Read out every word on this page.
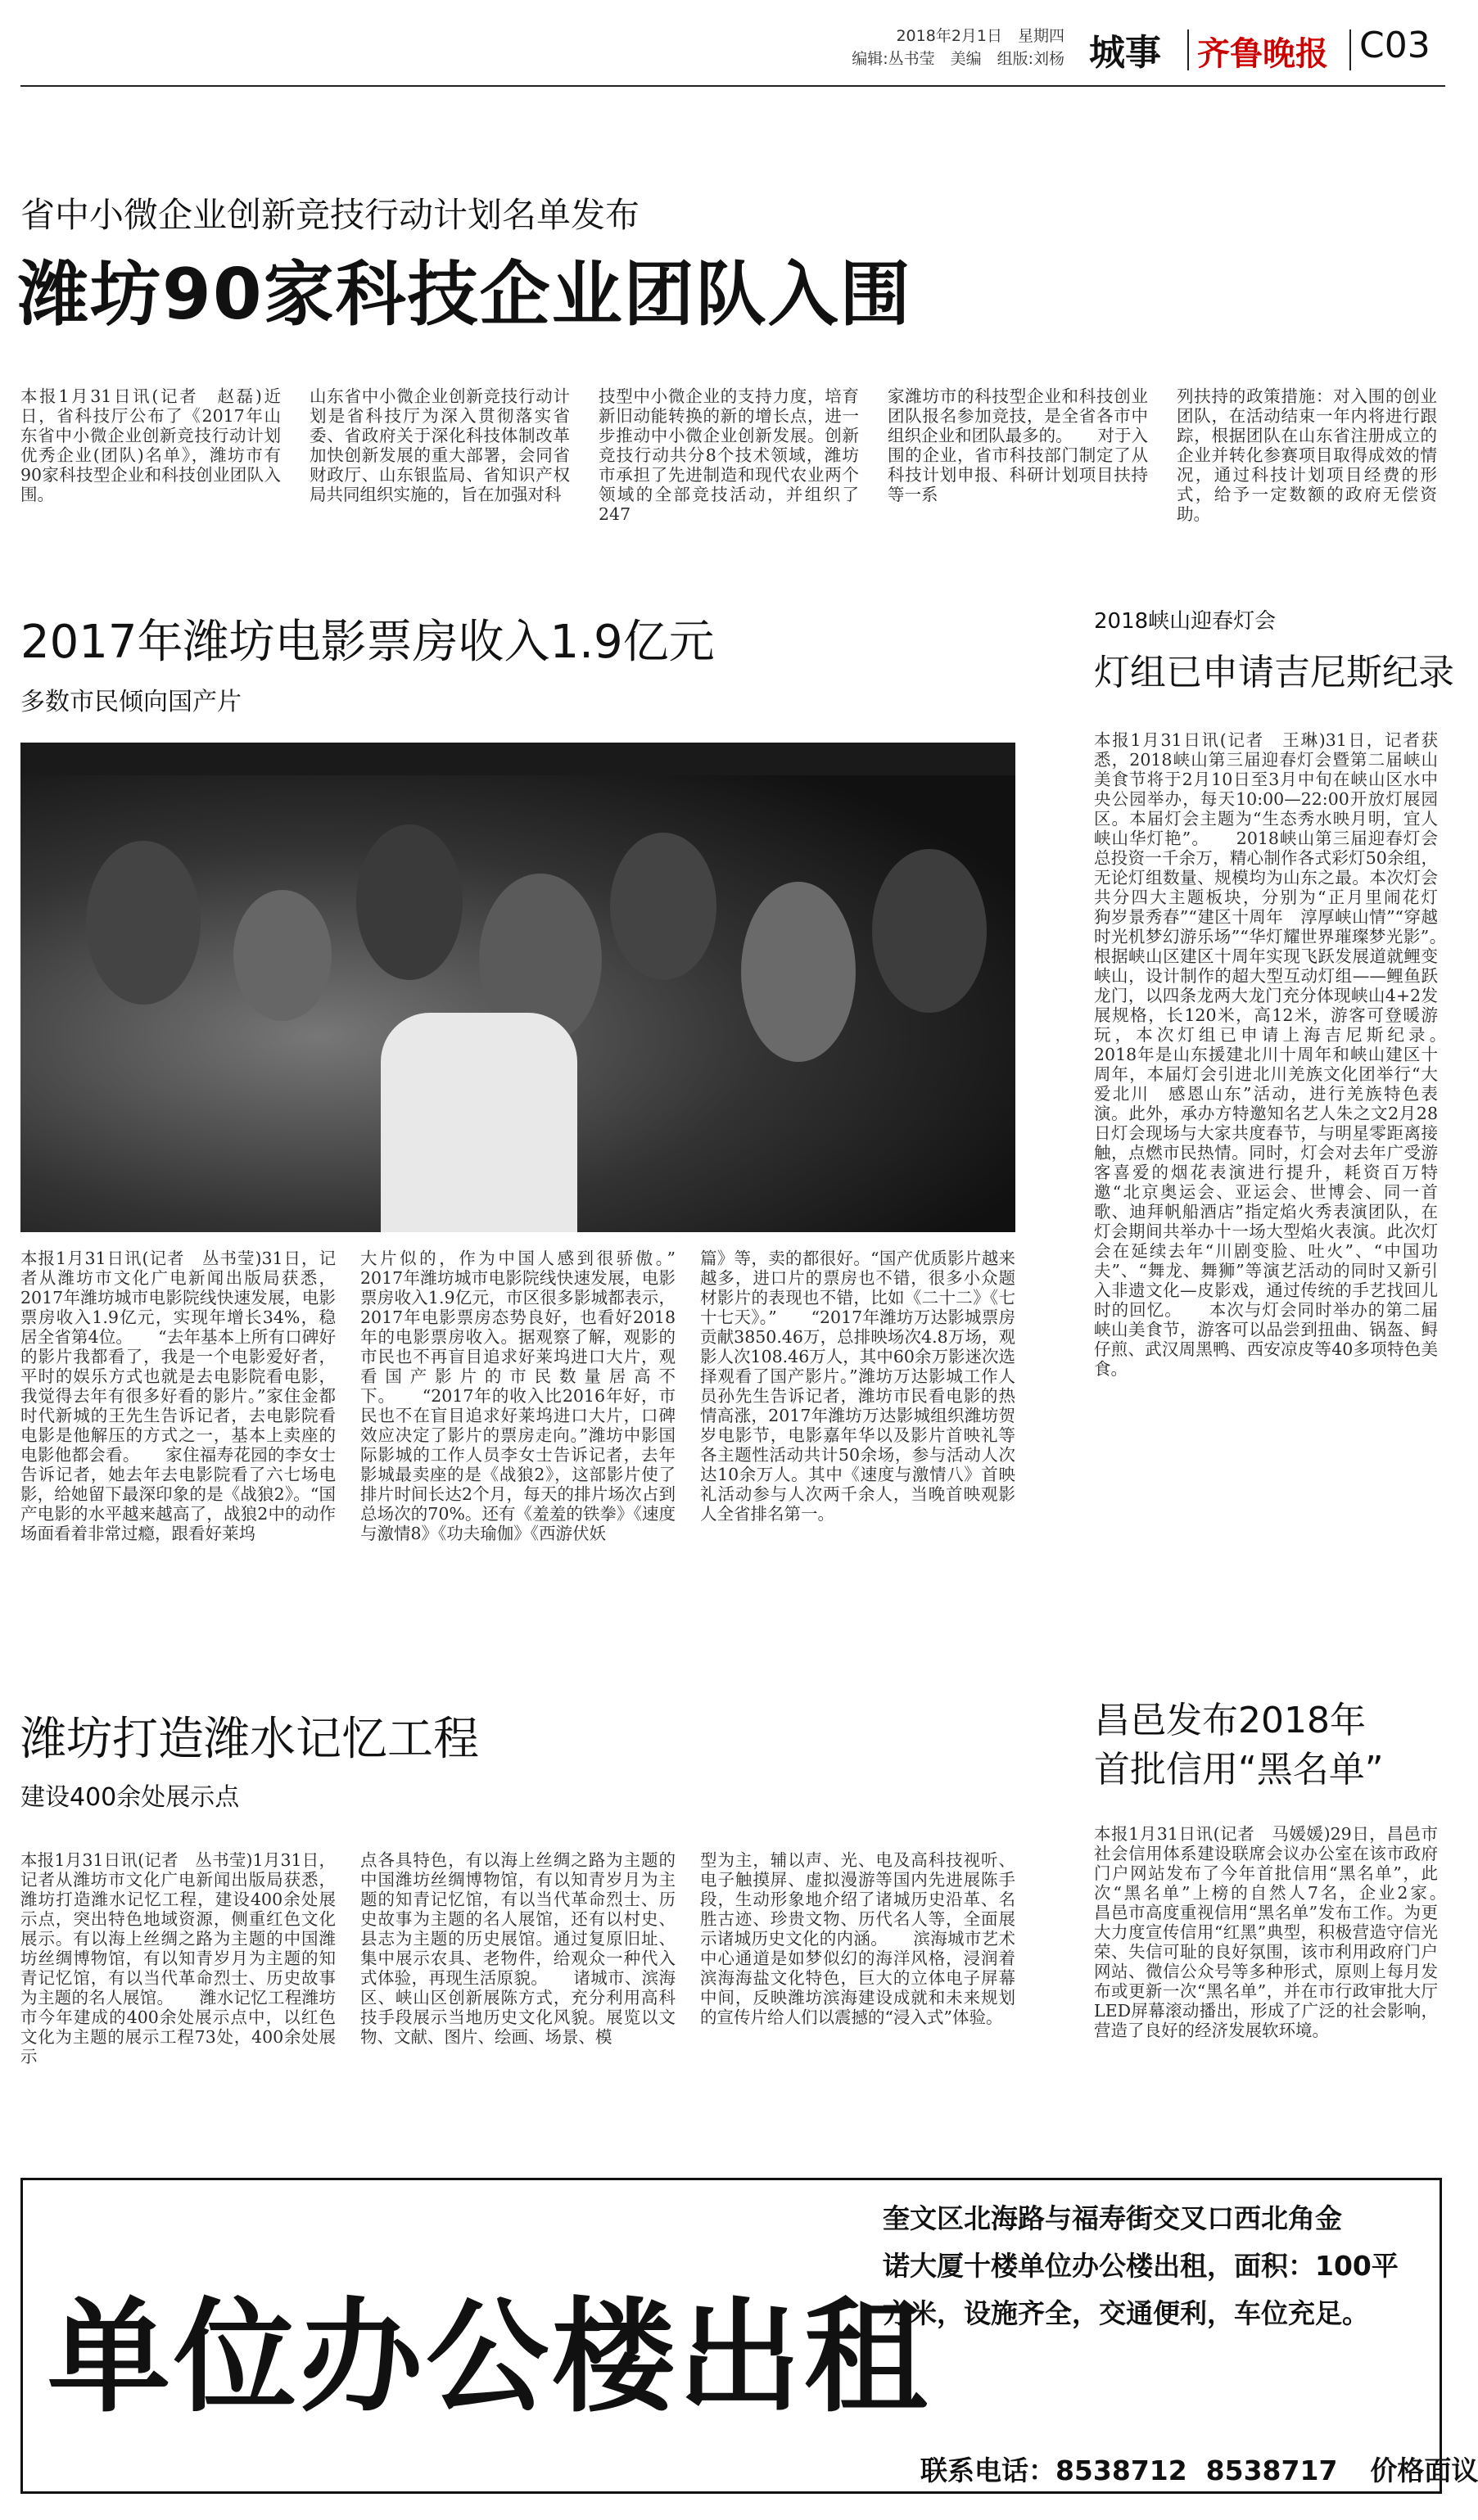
2018年2月1日　星期四
编辑:丛书莹　美编　组版:刘杨 城事 齐鲁晚报 C03
省中小微企业创新竞技行动计划名单发布
潍坊90家科技企业团队入围
本报1月31日讯(记者　赵磊)近日，省科技厅公布了《2017年山东省中小微企业创新竞技行动计划优秀企业(团队)名单》，潍坊市有90家科技型企业和科技创业团队入围。
山东省中小微企业创新竞技行动计划是省科技厅为深入贯彻落实省委、省政府关于深化科技体制改革加快创新发展的重大部署，会同省财政厅、山东银监局、省知识产权局共同组织实施的，旨在加强对科
技型中小微企业的支持力度，培育新旧动能转换的新的增长点，进一步推动中小微企业创新发展。创新竞技行动共分8个技术领域，潍坊市承担了先进制造和现代农业两个领域的全部竞技活动，并组织了247
家潍坊市的科技型企业和科技创业团队报名参加竞技，是全省各市中组织企业和团队最多的。　　对于入围的企业，省市科技部门制定了从科技计划申报、科研计划项目扶持等一系
列扶持的政策措施：对入围的创业团队，在活动结束一年内将进行跟踪，根据团队在山东省注册成立的企业并转化参赛项目取得成效的情况，通过科技计划项目经费的形式，给予一定数额的政府无偿资助。
2017年潍坊电影票房收入1.9亿元
多数市民倾向国产片
本报1月31日讯(记者　丛书莹)31日，记者从潍坊市文化广电新闻出版局获悉，2017年潍坊城市电影院线快速发展，电影票房收入1.9亿元，实现年增长34%，稳居全省第4位。　　“去年基本上所有口碑好的影片我都看了，我是一个电影爱好者，平时的娱乐方式也就是去电影院看电影，我觉得去年有很多好看的影片。”家住金都时代新城的王先生告诉记者，去电影院看电影是他解压的方式之一，基本上卖座的电影他都会看。　　家住福寿花园的李女士告诉记者，她去年去电影院看了六七场电影，给她留下最深印象的是《战狼2》。“国产电影的水平越来越高了，战狼2中的动作场面看着非常过瘾，跟看好莱坞
大片似的，作为中国人感到很骄傲。”　　2017年潍坊城市电影院线快速发展，电影票房收入1.9亿元，市区很多影城都表示，2017年电影票房态势良好，也看好2018年的电影票房收入。据观察了解，观影的市民也不再盲目追求好莱坞进口大片，观看国产影片的市民数量居高不下。　　“2017年的收入比2016年好，市民也不在盲目追求好莱坞进口大片，口碑效应决定了影片的票房走向。”潍坊中影国际影城的工作人员李女士告诉记者，去年影城最卖座的是《战狼2》，这部影片使了排片时间长达2个月，每天的排片场次占到总场次的70%。还有《羞羞的铁拳》《速度与激情8》《功夫瑜伽》《西游伏妖
篇》等，卖的都很好。“国产优质影片越来越多，进口片的票房也不错，很多小众题材影片的表现也不错，比如《二十二》《七十七天》。”　　“2017年潍坊万达影城票房贡献3850.46万，总排映场次4.8万场，观影人次108.46万人，其中60余万影迷次选择观看了国产影片。”潍坊万达影城工作人员孙先生告诉记者，潍坊市民看电影的热情高涨，2017年潍坊万达影城组织潍坊贺岁电影节，电影嘉年华以及影片首映礼等各主题性活动共计50余场，参与活动人次达10余万人。其中《速度与激情八》首映礼活动参与人次两千余人，当晚首映观影人全省排名第一。
潍坊打造潍水记忆工程
建设400余处展示点
本报1月31日讯(记者　丛书莹)1月31日，记者从潍坊市文化广电新闻出版局获悉，潍坊打造潍水记忆工程，建设400余处展示点，突出特色地域资源，侧重红色文化展示。有以海上丝绸之路为主题的中国潍坊丝绸博物馆，有以知青岁月为主题的知青记忆馆，有以当代革命烈士、历史故事为主题的名人展馆。　　潍水记忆工程潍坊市今年建成的400余处展示点中，以红色文化为主题的展示工程73处，400余处展示
点各具特色，有以海上丝绸之路为主题的中国潍坊丝绸博物馆，有以知青岁月为主题的知青记忆馆，有以当代革命烈士、历史故事为主题的名人展馆，还有以村史、县志为主题的历史展馆。通过复原旧址、集中展示农具、老物件，给观众一种代入式体验，再现生活原貌。　　诸城市、滨海区、峡山区创新展陈方式，充分利用高科技手段展示当地历史文化风貌。展览以文物、文献、图片、绘画、场景、模
型为主，辅以声、光、电及高科技视听、电子触摸屏、虚拟漫游等国内先进展陈手段，生动形象地介绍了诸城历史沿革、名胜古迹、珍贵文物、历代名人等，全面展示诸城历史文化的内涵。　　滨海城市艺术中心通道是如梦似幻的海洋风格，浸润着滨海海盐文化特色，巨大的立体电子屏幕中间，反映潍坊滨海建设成就和未来规划的宣传片给人们以震撼的“浸入式”体验。
2018峡山迎春灯会
灯组已申请吉尼斯纪录
本报1月31日讯(记者　王琳)31日，记者获悉，2018峡山第三届迎春灯会暨第二届峡山美食节将于2月10日至3月中旬在峡山区水中央公园举办，每天10:00—22:00开放灯展园区。本届灯会主题为“生态秀水映月明，宜人峡山华灯艳”。　　2018峡山第三届迎春灯会总投资一千余万，精心制作各式彩灯50余组，无论灯组数量、规模均为山东之最。本次灯会共分四大主题板块，分别为“正月里闹花灯　狗岁景秀春”“建区十周年　淳厚峡山情”“穿越时光机梦幻游乐场”“华灯耀世界璀璨梦光影”。　　根据峡山区建区十周年实现飞跃发展道就鲤变峡山，设计制作的超大型互动灯组——鲤鱼跃龙门，以四条龙两大龙门充分体现峡山4+2发展规格，长120米，高12米，游客可登暖游玩，本次灯组已申请上海吉尼斯纪录。　　2018年是山东援建北川十周年和峡山建区十周年，本届灯会引进北川羌族文化团举行“大爱北川　感恩山东”活动，进行羌族特色表演。此外，承办方特邀知名艺人朱之文2月28日灯会现场与大家共度春节，与明星零距离接触，点燃市民热情。同时，灯会对去年广受游客喜爱的烟花表演进行提升，耗资百万特邀“北京奥运会、亚运会、世博会、同一首歌、迪拜帆船酒店”指定焰火秀表演团队，在灯会期间共举办十一场大型焰火表演。此次灯会在延续去年“川剧变脸、吐火”、“中国功夫”、“舞龙、舞狮”等演艺活动的同时又新引入非遗文化—皮影戏，通过传统的手艺找回儿时的回忆。　　本次与灯会同时举办的第二届峡山美食节，游客可以品尝到扭曲、锅盔、鲟仔煎、武汉周黑鸭、西安凉皮等40多项特色美食。
昌邑发布2018年
首批信用“黑名单”
本报1月31日讯(记者　马媛媛)29日，昌邑市社会信用体系建设联席会议办公室在该市政府门户网站发布了今年首批信用“黑名单”，此次“黑名单”上榜的自然人7名，企业2家。　　昌邑市高度重视信用“黑名单”发布工作。为更大力度宣传信用“红黑”典型，积极营造守信光荣、失信可耻的良好氛围，该市利用政府门户网站、微信公众号等多种形式，原则上每月发布或更新一次“黑名单”，并在市行政审批大厅LED屏幕滚动播出，形成了广泛的社会影响，营造了良好的经济发展软环境。
单位办公楼出租
奎文区北海路与福寿街交叉口西北角金
诺大厦十楼单位办公楼出租，面积：100平
方米，设施齐全，交通便利，车位充足。

联系电话：8538712  8538717 价格面议
